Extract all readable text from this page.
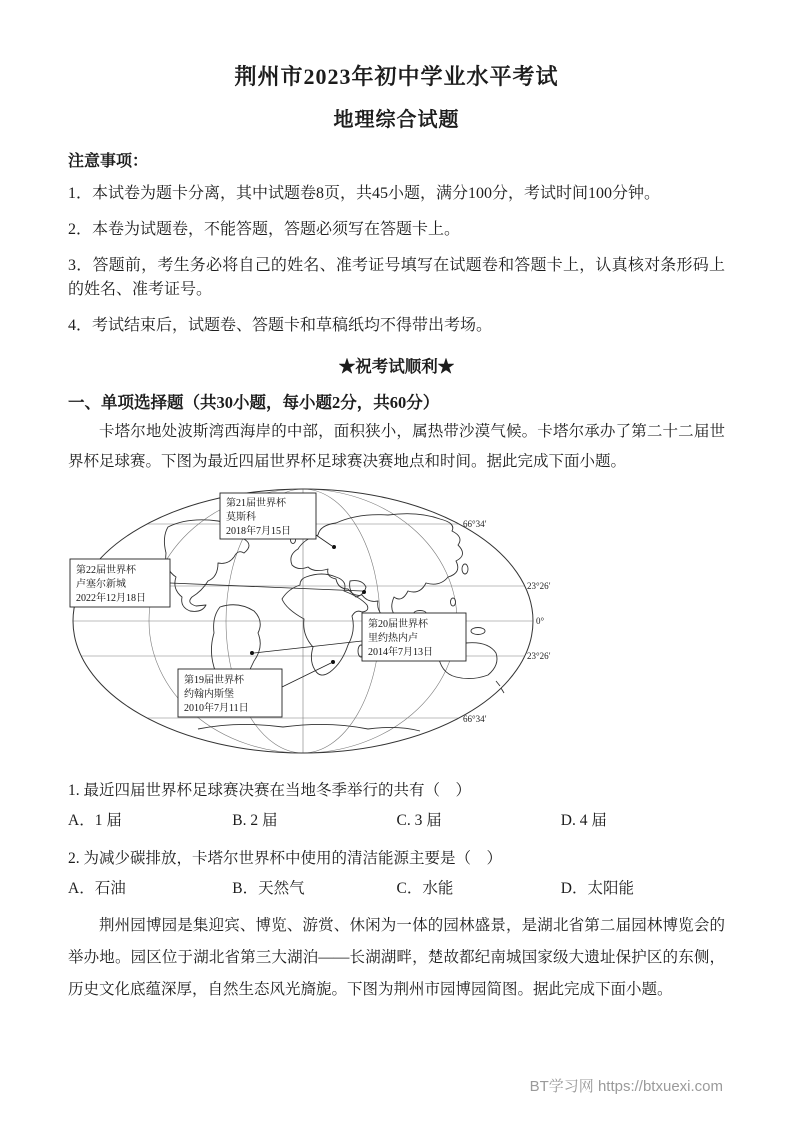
荆州市2023年初中学业水平考试
地理综合试题
注意事项：
1．本试卷为题卡分离，其中试题卷8页，共45小题，满分100分，考试时间100分钟。
2．本卷为试题卷，不能答题，答题必须写在答题卡上。
3．答题前，考生务必将自己的姓名、准考证号填写在试题卷和答题卡上，认真核对条形码上的姓名、准考证号。
4．考试结束后，试题卷、答题卡和草稿纸均不得带出考场。
★祝考试顺利★
一、单项选择题（共30小题，每小题2分，共60分）
卡塔尔地处波斯湾西海岸的中部，面积狭小，属热带沙漠气候。卡塔尔承办了第二十二届世界杯足球赛。下图为最近四届世界杯足球赛决赛地点和时间。据此完成下面小题。
66°34′
23°26′
0°
23°26′
66°34′
第21届世界杯
莫斯科
2018年7月15日
第22届世界杯
卢塞尔新城
2022年12月18日
第20届世界杯
里约热内卢
2014年7月13日
第19届世界杯
约翰内斯堡
2010年7月11日
1. 最近四届世界杯足球赛决赛在当地冬季举行的共有（　）
A．1 届	B. 2 届	C. 3 届	D. 4 届
2. 为减少碳排放，卡塔尔世界杯中使用的清洁能源主要是（　）
A．石油	B．天然气	C．水能	D．太阳能
荆州园博园是集迎宾、博览、游赏、休闲为一体的园林盛景，是湖北省第二届园林博览会的举办地。园区位于湖北省第三大湖泊——长湖湖畔，楚故都纪南城国家级大遗址保护区的东侧，历史文化底蕴深厚，自然生态风光旖旎。下图为荆州市园博园简图。据此完成下面小题。
BT学习网 https://btxuexi.com
